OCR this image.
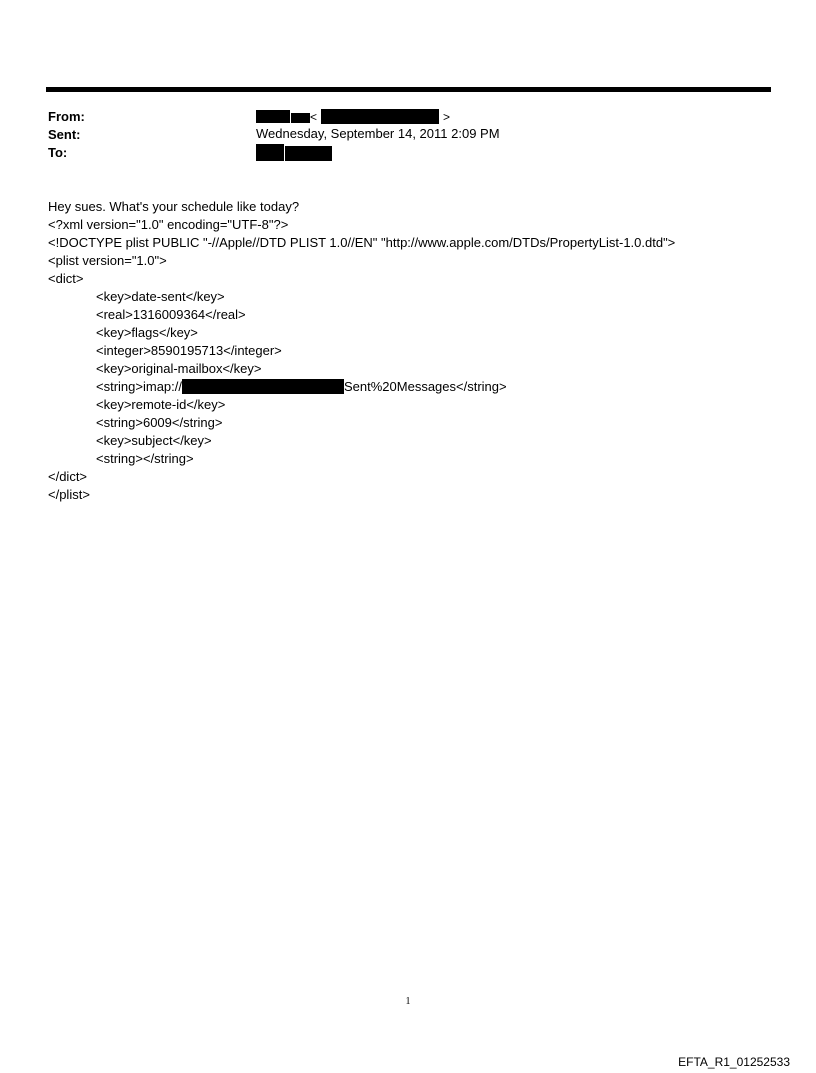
From:
Sent:
To:
<	>
Wednesday, September 14, 2011 2:09 PM
Hey sues. What's your schedule like today?
<?xml version="1.0" encoding="UTF-8"?>
<!DOCTYPE plist PUBLIC "-//Apple//DTD PLIST 1.0//EN" "http://www.apple.com/DTDs/PropertyList-1.0.dtd">
<plist version="1.0">
<dict>
<key>date-sent</key>
<real>1316009364</real>
<key>flags</key>
<integer>8590195713</integer>
<key>original-mailbox</key>
<string>imap://	Sent%20Messages</string>
<key>remote-id</key>
<string>6009</string>
<key>subject</key>
<string></string>
</dict>
</plist>
1
EFTA_R1_01252533
